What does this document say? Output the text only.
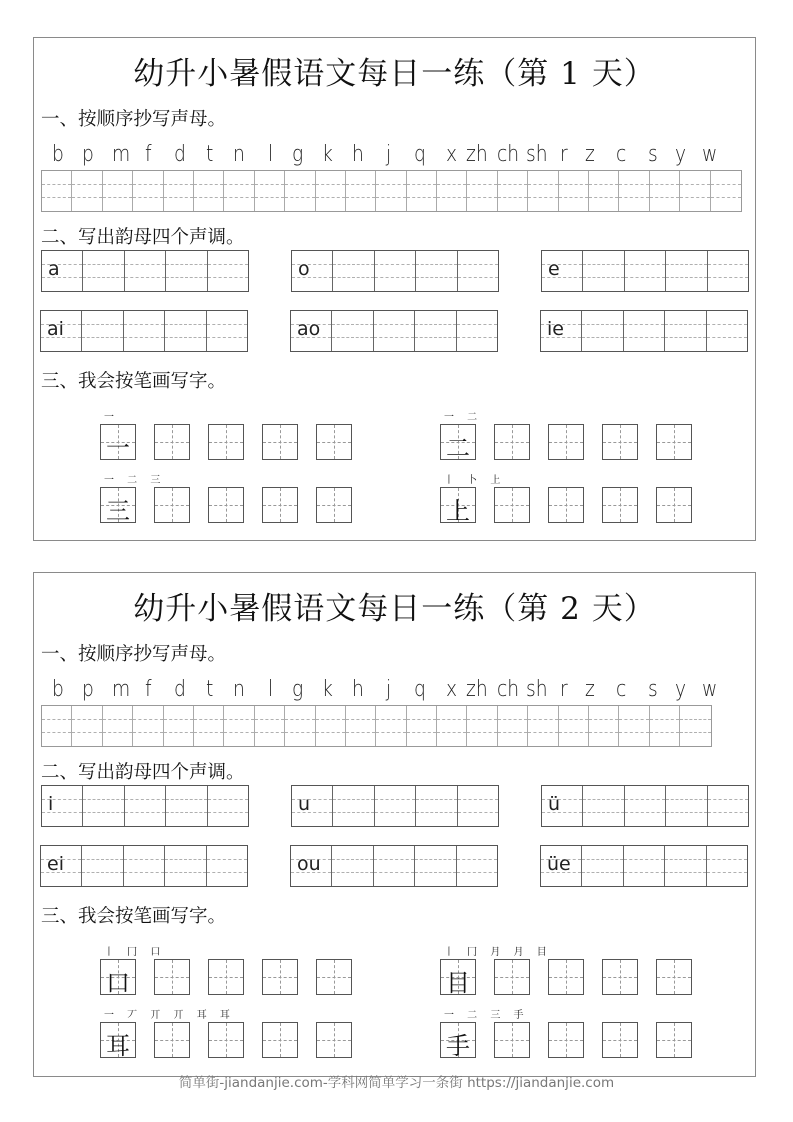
幼升小暑假语文每日一练（第 1 天）
一、按顺序抄写声母。
b p m f d t n l g k h j q x zh ch sh r z c s y w
二、写出韵母四个声调。
a	o	e
ai	ao	ie
三、我会按笔画写字。
一
一
一 二
二
一 二 三
三
丨 卜 上
上
幼升小暑假语文每日一练（第 2 天）
一、按顺序抄写声母。
b p m f d t n l g k h j q x zh ch sh r z c s y w
二、写出韵母四个声调。
i	u	ü
ei	ou	üe
三、我会按笔画写字。
丨 冂 口
口
丨 冂 月 月 目
目
一 丆 丌 丌 耳 耳
耳
一 二 三 手
手
简单街-jiandanjie.com-学科网简单学习一条街 https://jiandanjie.com
